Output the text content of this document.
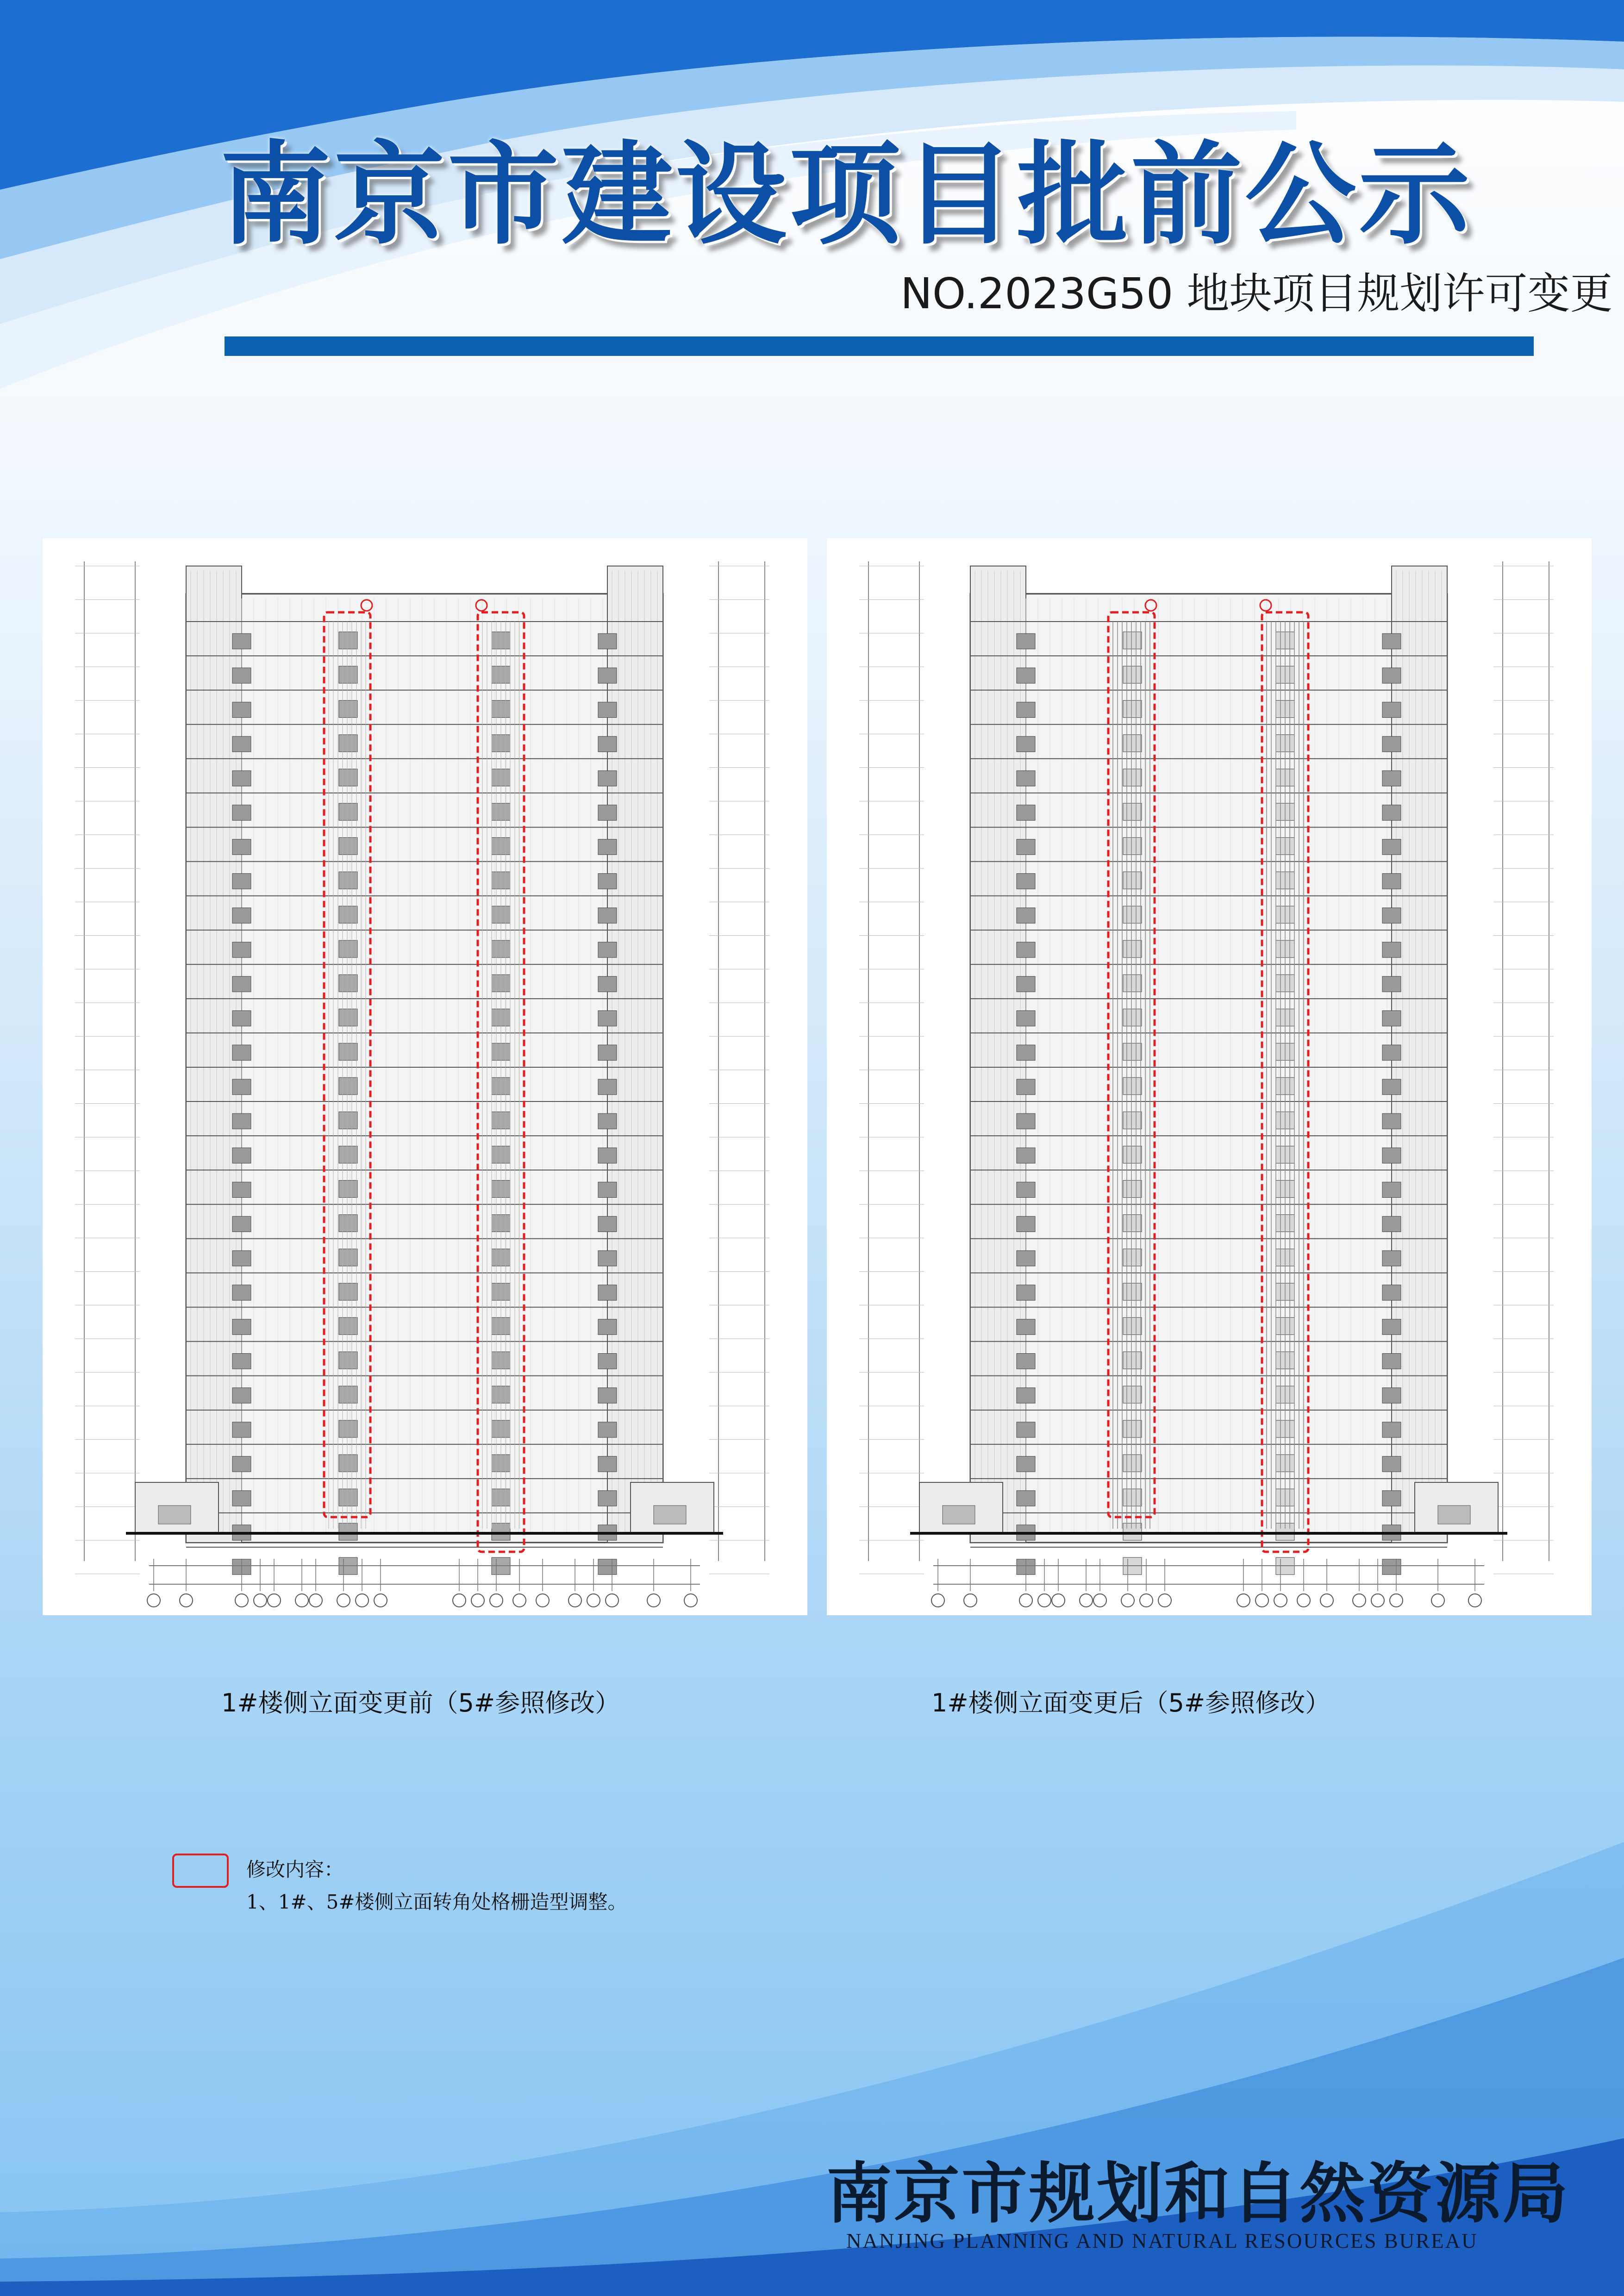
南京市建设项目批前公示
NO.2023G50 地块项目规划许可变更
1#楼侧立面变更前（5#参照修改）	1#楼侧立面变更后（5#参照修改）
修改内容：
1、1#、5#楼侧立面转角处格栅造型调整。
南京市规划和自然资源局
NANJING PLANNING AND NATURAL RESOURCES BUREAU
